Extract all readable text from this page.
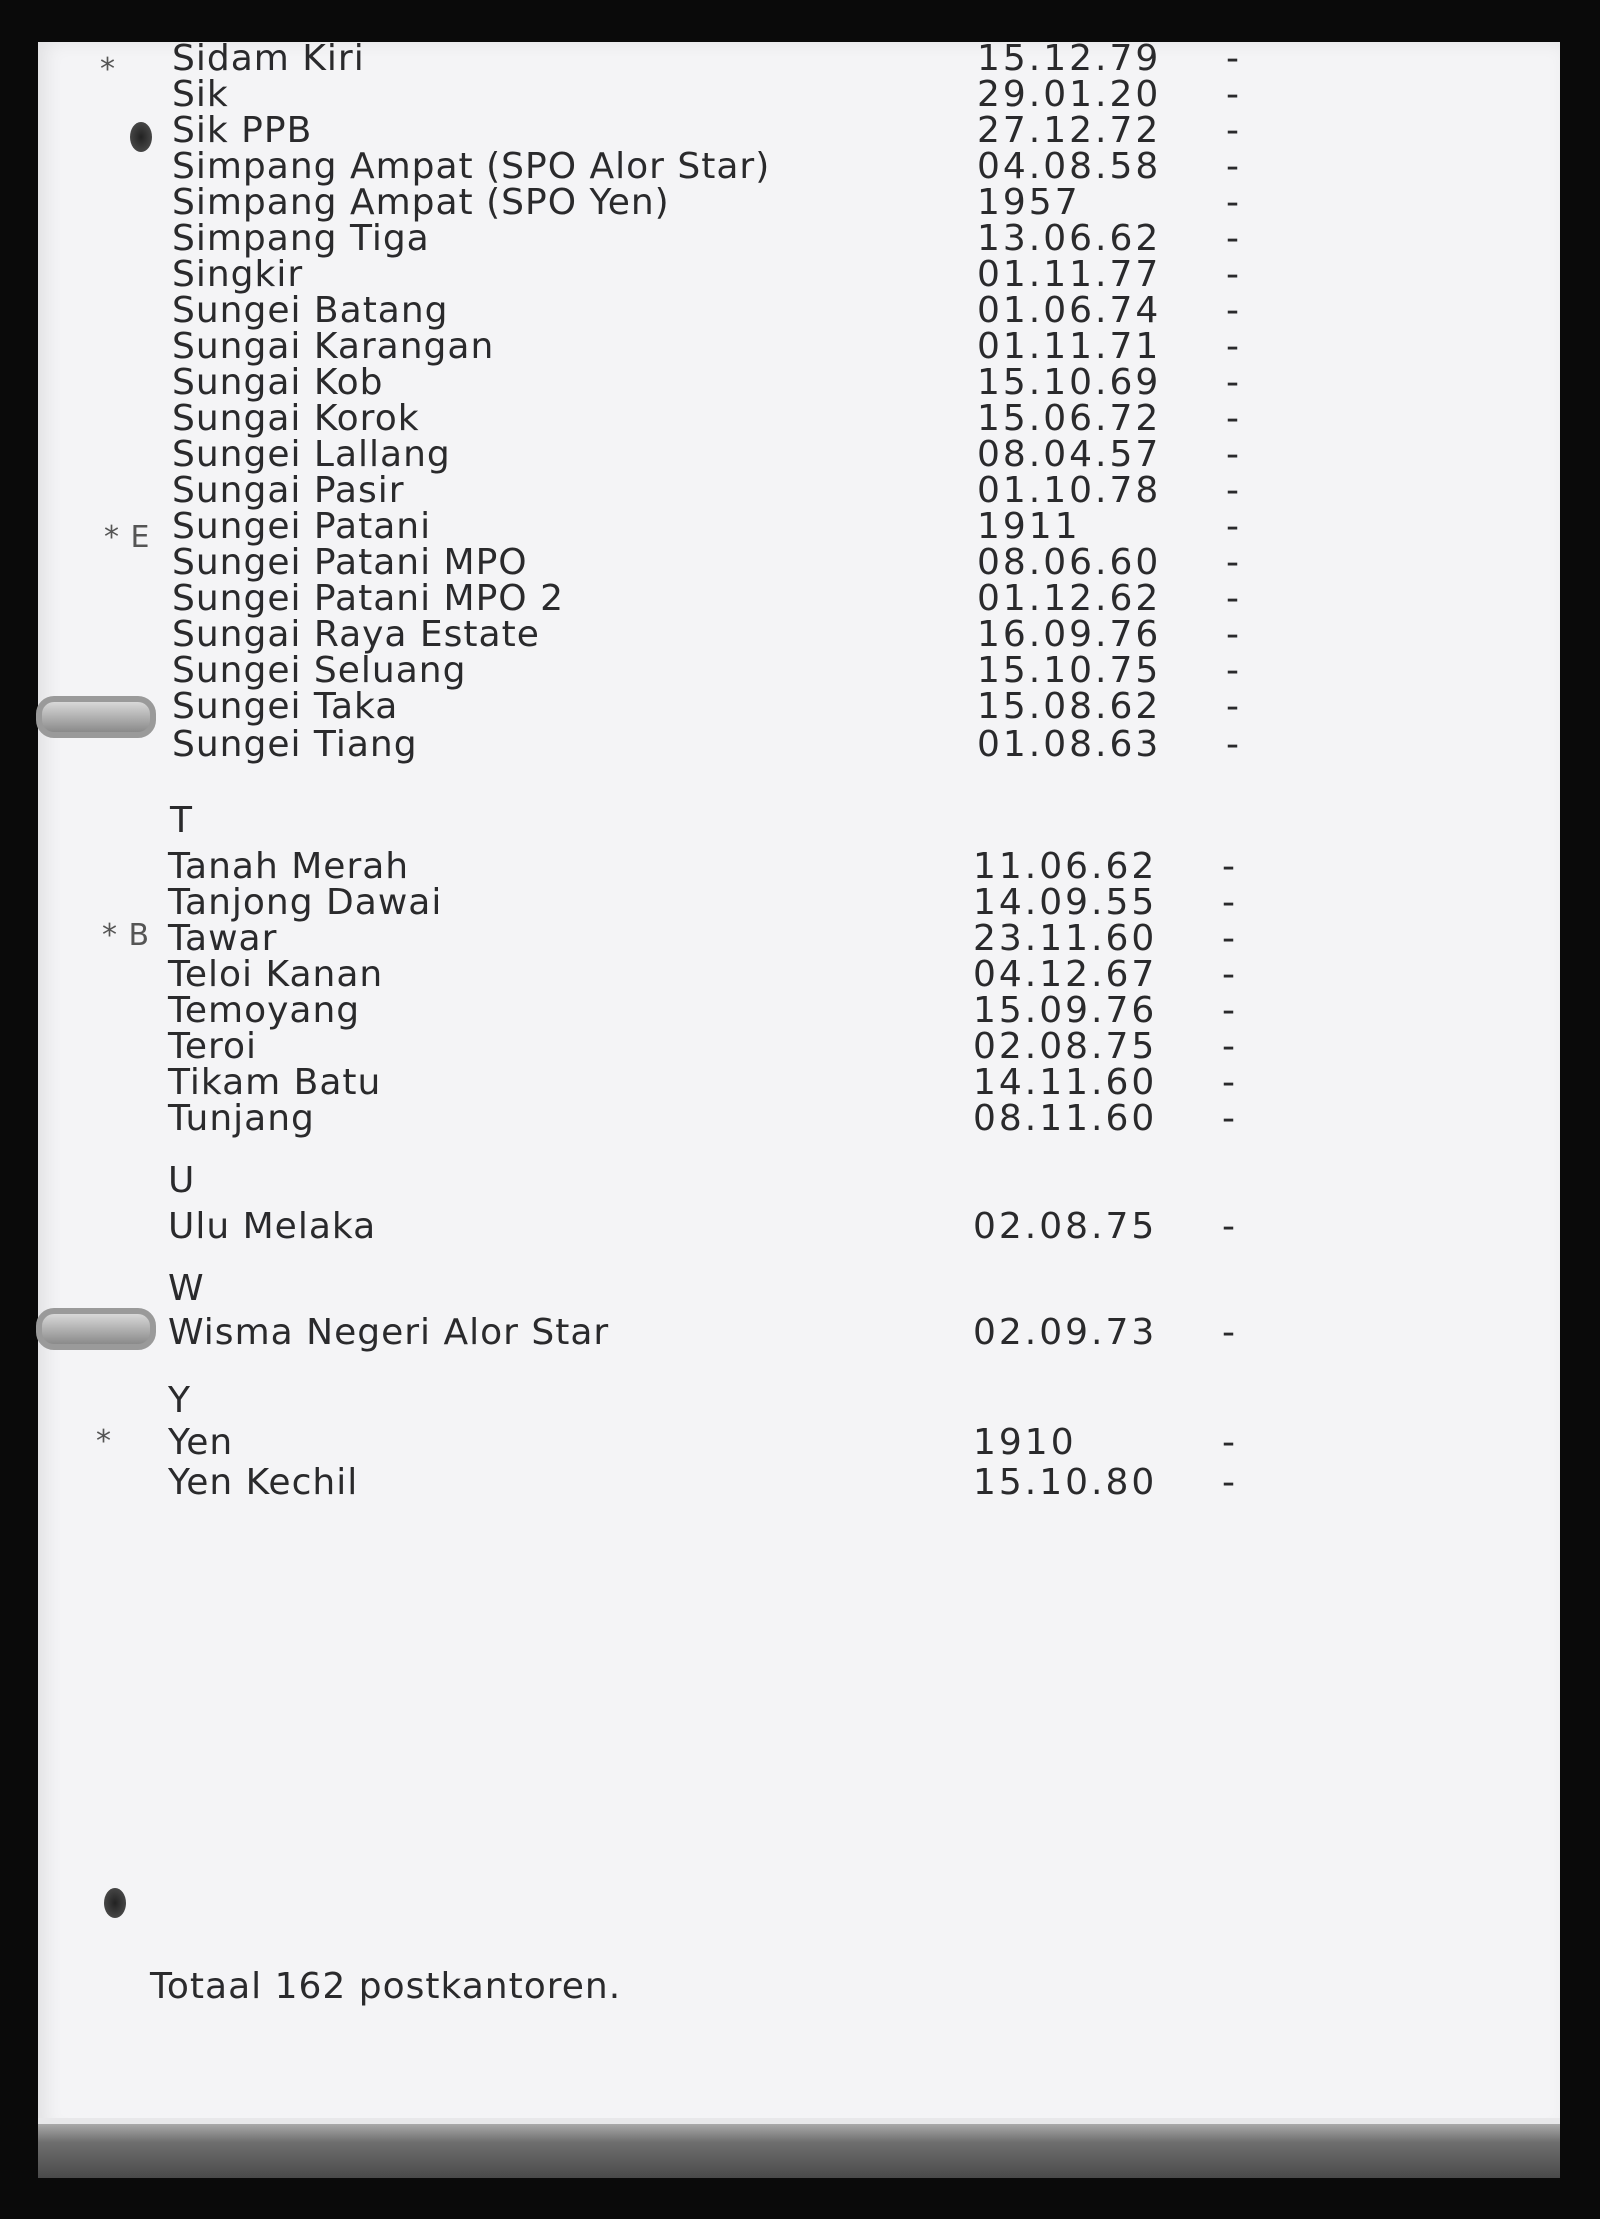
*
* E
* B
*
Sidam Kiri	15.12.79 -
Sik	29.01.20 -
Sik PPB	27.12.72 -
Simpang Ampat (SPO Alor Star)	04.08.58 -
Simpang Ampat (SPO Yen)	1957	-
Simpang Tiga	13.06.62 -
Singkir	01.11.77 -
Sungei Batang	01.06.74 -
Sungai Karangan	01.11.71 -
Sungai Kob	15.10.69 -
Sungai Korok	15.06.72 -
Sungei Lallang	08.04.57 -
Sungai Pasir	01.10.78 -
Sungei Patani	1911	-
Sungei Patani MPO	08.06.60 -
Sungei Patani MPO 2	01.12.62 -
Sungai Raya Estate	16.09.76 -
Sungei Seluang	15.10.75 -
Sungei Taka	15.08.62 -
Sungei Tiang	01.08.63 -
T
Tanah Merah	11.06.62 -
Tanjong Dawai	14.09.55 -
Tawar	23.11.60 -
Teloi Kanan	04.12.67 -
Temoyang	15.09.76 -
Teroi	02.08.75 -
Tikam Batu	14.11.60 -
Tunjang	08.11.60 -
U
Ulu Melaka	02.08.75 -
W
Wisma Negeri Alor Star	02.09.73 -
Y
Yen	1910	-
Yen Kechil	15.10.80 -
Totaal 162 postkantoren.
